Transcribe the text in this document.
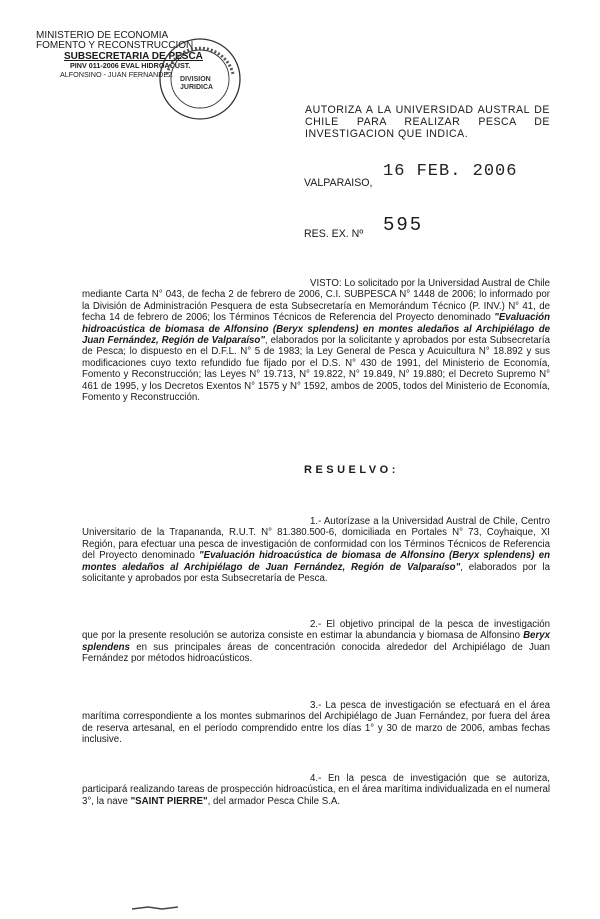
MINISTERIO DE ECONOMIA
FOMENTO Y RECONSTRUCCION
SUBSECRETARIA DE PESCA
PINV 011-2006 EVAL HIDROACUST.
ALFONSINO - JUAN FERNANDEZ
DIVISION
JURIDICA
AUTORIZA A LA UNIVERSIDAD AUSTRAL DE CHILE PARA REALIZAR PESCA DE INVESTIGACION QUE INDICA.
VALPARAISO,
16 FEB. 2006
RES. EX. Nº 595

VISTO: Lo solicitado por la Universidad Austral de Chile mediante Carta N° 043, de fecha 2 de febrero de 2006, C.I. SUBPESCA N° 1448 de 2006; lo informado por la División de Administración Pesquera de esta Subsecretaría en Memorándum Técnico (P. INV.) N° 41, de fecha 14 de febrero de 2006; los Términos Técnicos de Referencia del Proyecto denominado "Evaluación hidroacústica de biomasa de Alfonsino (Beryx splendens) en montes aledaños al Archipiélago de Juan Fernández, Región de Valparaíso", elaborados por la solicitante y aprobados por esta Subsecretaría de Pesca; lo dispuesto en el D.F.L. N° 5 de 1983; la Ley General de Pesca y Acuicultura N° 18.892 y sus modificaciones cuyo texto refundido fue fijado por el D.S. N° 430 de 1991, del Ministerio de Economía, Fomento y Reconstrucción; las Leyes N° 19.713, N° 19.822, N° 19.849, N° 19.880; el Decreto Supremo N° 461 de 1995, y los Decretos Exentos N° 1575 y N° 1592, ambos de 2005, todos del Ministerio de Economía, Fomento y Reconstrucción.

RESUELVO:

1.- Autorízase a la Universidad Austral de Chile, Centro Universitario de la Trapananda, R.U.T. N° 81.380.500-6, domiciliada en Portales N° 73, Coyhaique, XI Región, para efectuar una pesca de investigación de conformidad con los Términos Técnicos de Referencia del Proyecto denominado "Evaluación hidroacústica de biomasa de Alfonsino (Beryx splendens) en montes aledaños al Archipiélago de Juan Fernández, Región de Valparaíso", elaborados por la solicitante y aprobados por esta Subsecretaría de Pesca.

2.- El objetivo principal de la pesca de investigación que por la presente resolución se autoriza consiste en estimar la abundancia y biomasa de Alfonsino Beryx splendens en sus principales áreas de concentración conocida alrededor del Archipiélago de Juan Fernández por métodos hidroacústicos.

3.- La pesca de investigación se efectuará en el área marítima correspondiente a los montes submarinos del Archipiélago de Juan Fernández, por fuera del área de reserva artesanal, en el período comprendido entre los días 1° y 30 de marzo de 2006, ambas fechas inclusive.

4.- En la pesca de investigación que se autoriza, participará realizando tareas de prospección hidroacústica, en el área marítima individualizada en el numeral 3°, la nave "SAINT PIERRE", del armador Pesca Chile S.A.
